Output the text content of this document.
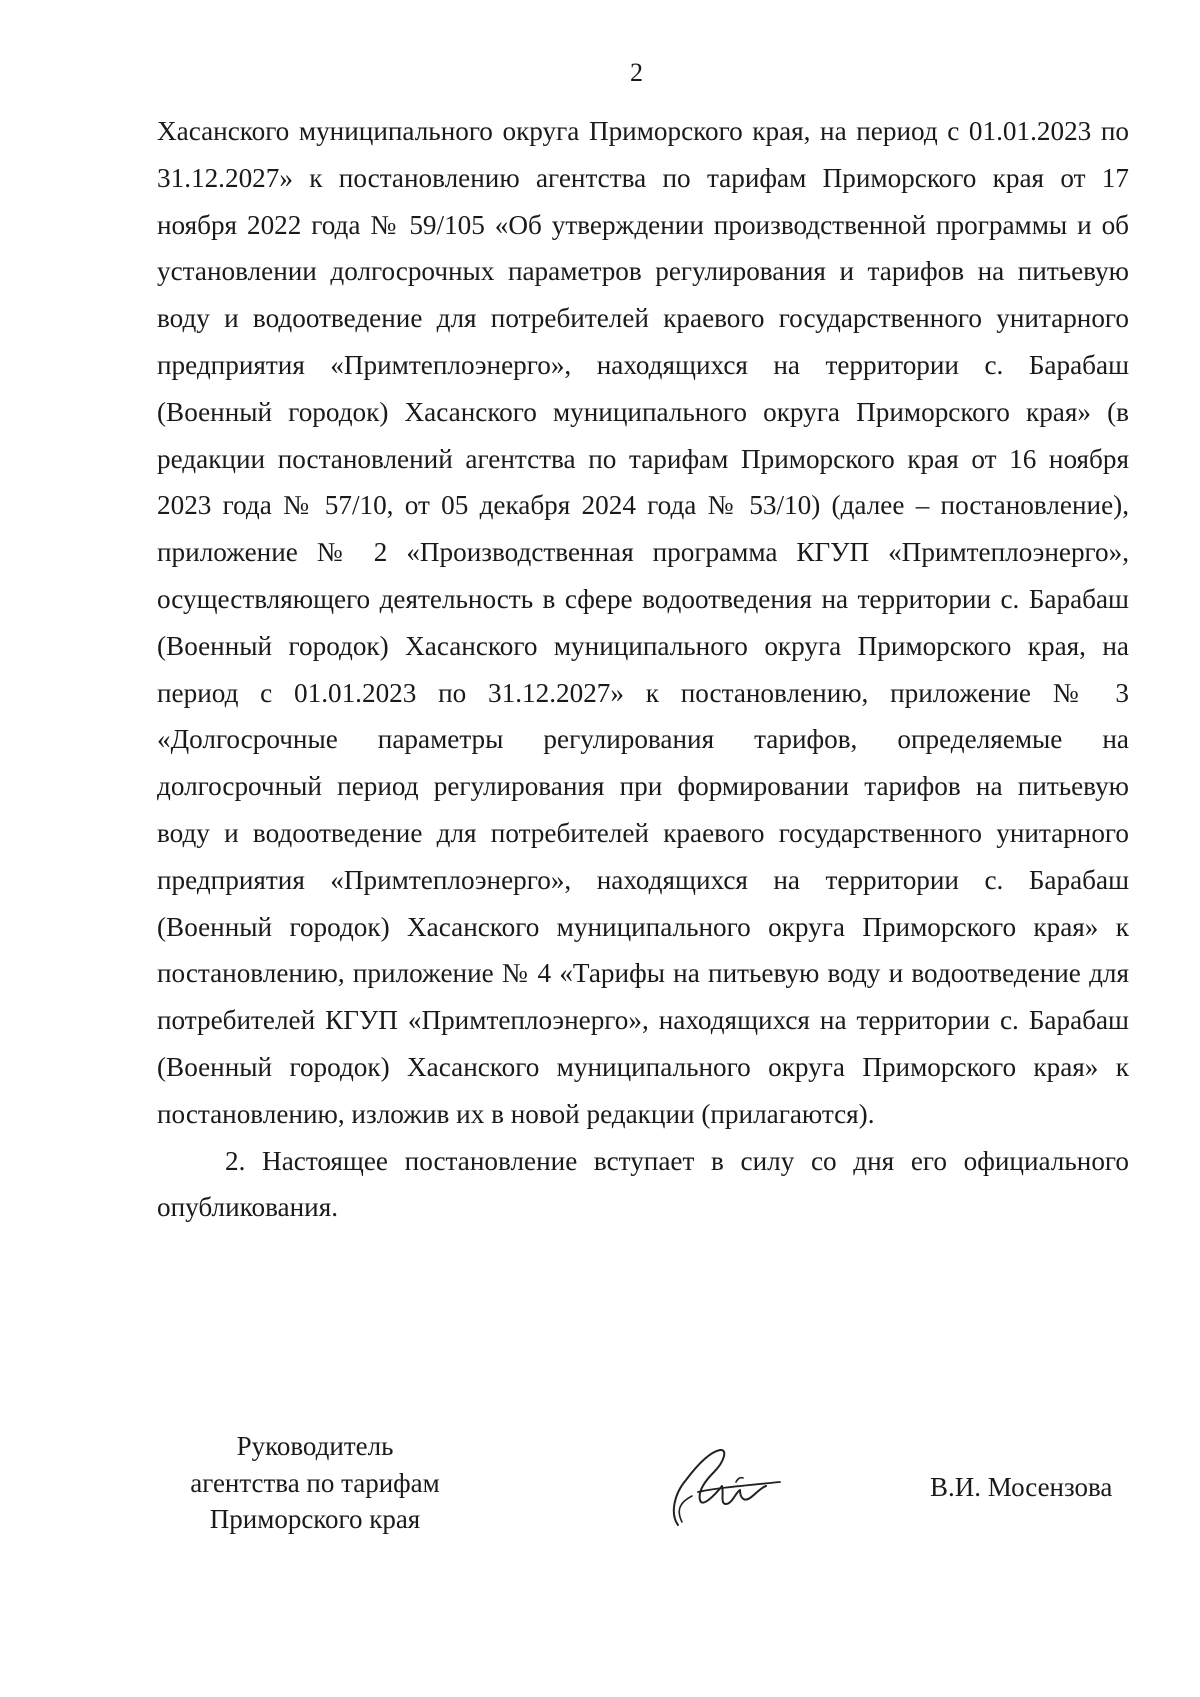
2

Хасанского муниципального округа Приморского края, на период с 01.01.2023 по 31.12.2027» к постановлению агентства по тарифам Приморского края от 17 ноября 2022 года № 59/105 «Об утверждении производственной программы и об установлении долгосрочных параметров регулирования и тарифов на питьевую воду и водоотведение для потребителей краевого государственного унитарного предприятия «Примтеплоэнерго», находящихся на территории с. Барабаш (Военный городок) Хасанского муниципального округа Приморского края» (в редакции постановлений агентства по тарифам Приморского края от 16 ноября 2023 года № 57/10, от 05 декабря 2024 года № 53/10) (далее – постановление), приложение № 2 «Производственная программа КГУП «Примтеплоэнерго», осуществляющего деятельность в сфере водоотведения на территории с. Барабаш (Военный городок) Хасанского муниципального округа Приморского края, на период с 01.01.2023 по 31.12.2027» к постановлению, приложение № 3 «Долгосрочные параметры регулирования тарифов, определяемые на долгосрочный период регулирования при формировании тарифов на питьевую воду и водоотведение для потребителей краевого государственного унитарного предприятия «Примтеплоэнерго», находящихся на территории с. Барабаш (Военный городок) Хасанского муниципального округа Приморского края» к постановлению, приложение № 4 «Тарифы на питьевую воду и водоотведение для потребителей КГУП «Примтеплоэнерго», находящихся на территории с. Барабаш (Военный городок) Хасанского муниципального округа Приморского края» к постановлению, изложив их в новой редакции (прилагаются).

2. Настоящее постановление вступает в силу со дня его официального опубликования.

Руководитель
агентства по тарифам
Приморского края
В.И. Мосензова
